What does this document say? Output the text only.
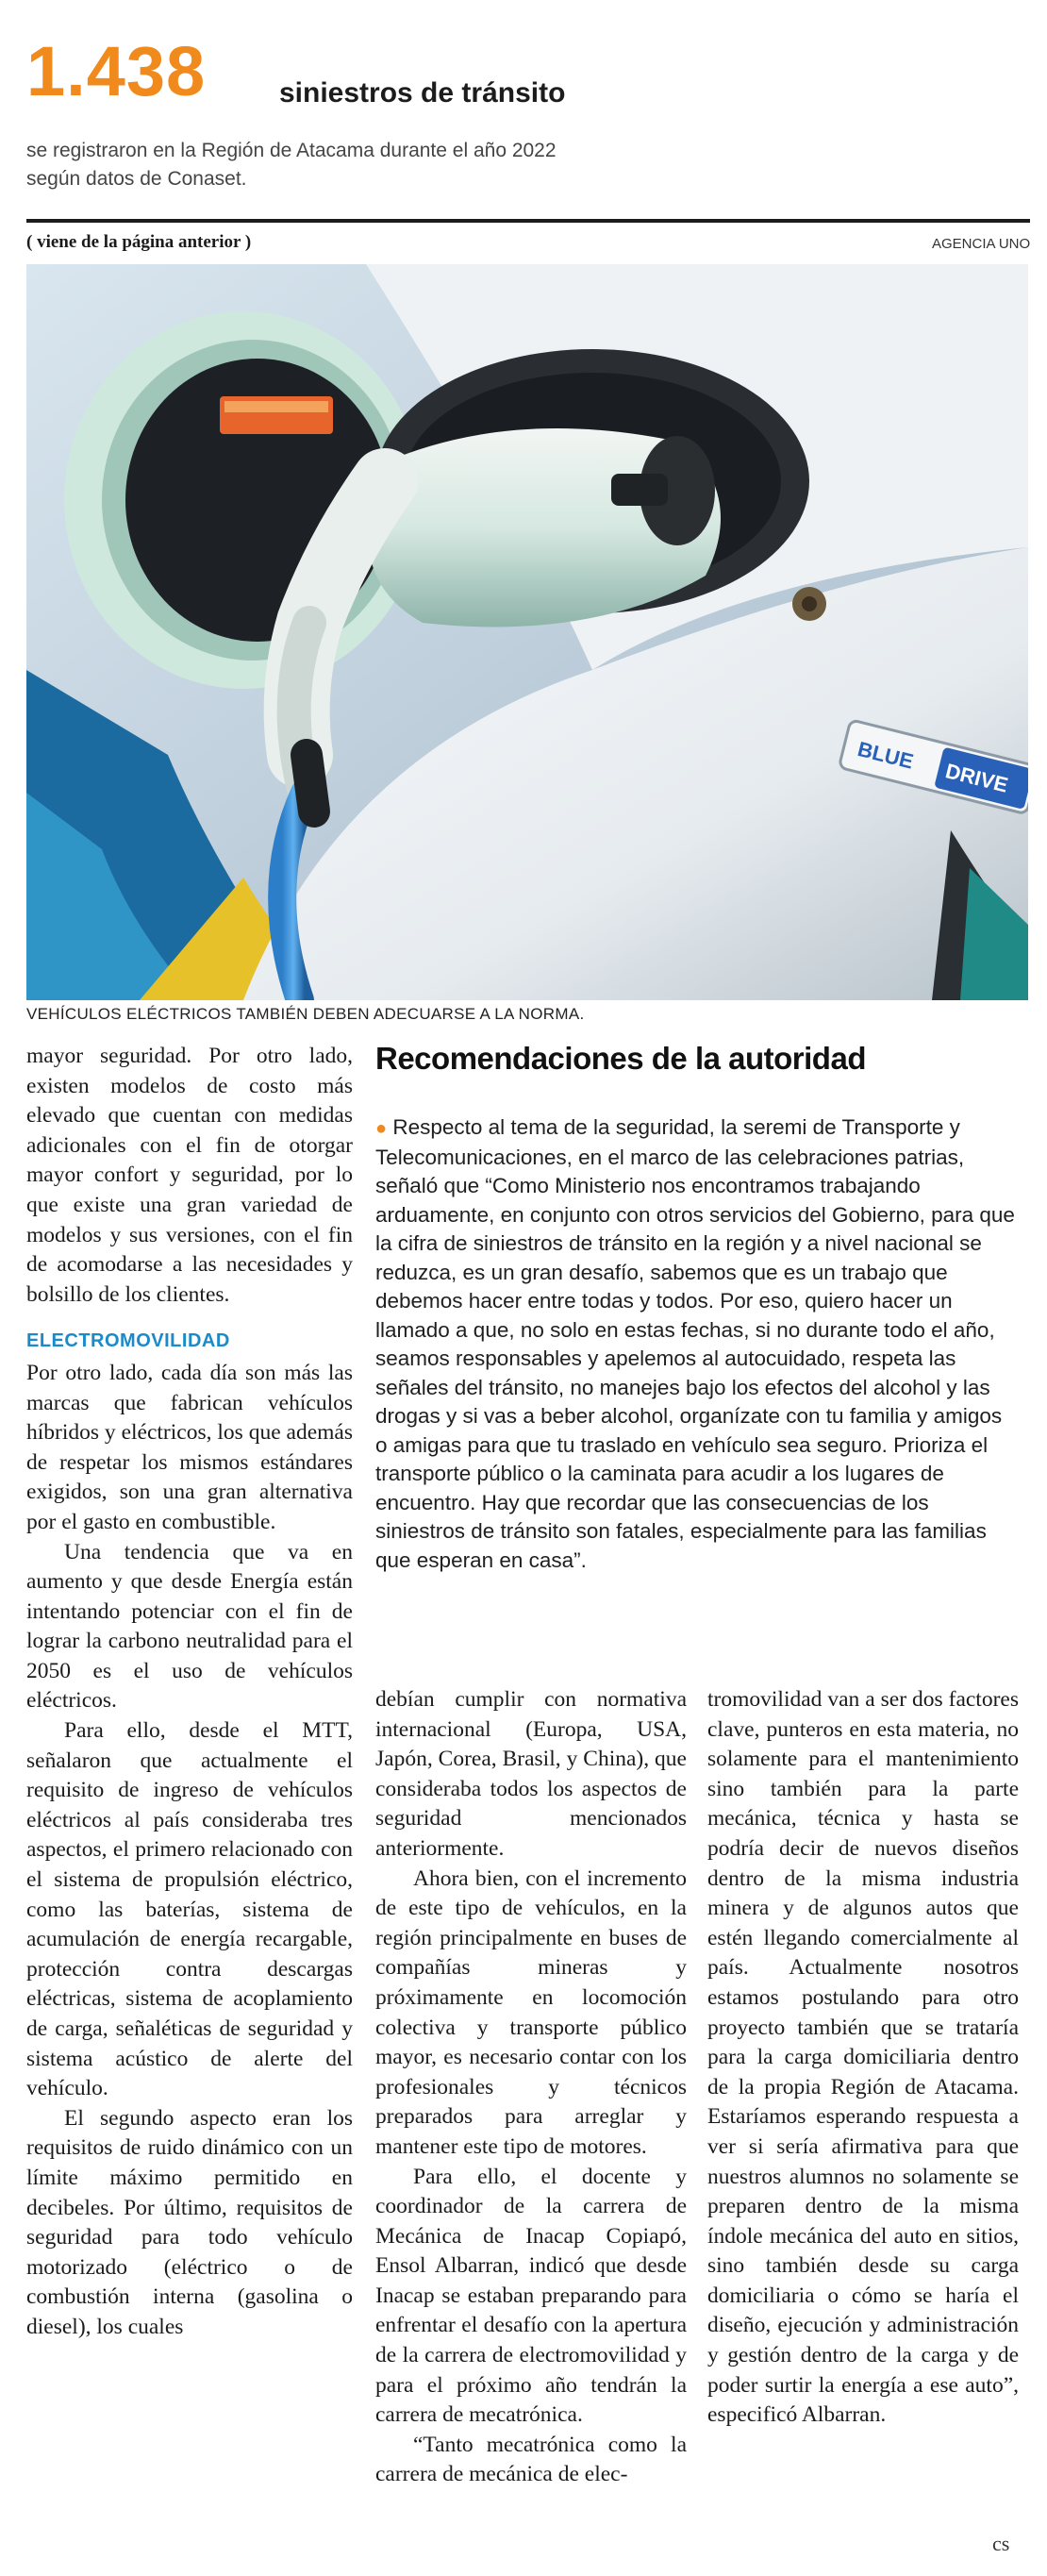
1.438	siniestros de tránsito
se registraron en la Región de Atacama durante el año 2022
según datos de Conaset.
( viene de la página anterior )	AGENCIA UNO
BLUE
DRIVE
VEHÍCULOS ELÉCTRICOS TAMBIÉN DEBEN ADECUARSE A LA NORMA.

mayor seguridad. Por otro lado, existen modelos de costo más elevado que cuentan con medidas adicionales con el fin de otorgar mayor confort y seguridad, por lo que existe una gran variedad de modelos y sus versiones, con el fin de acomodarse a las necesidades y bolsillo de los clientes.

ELECTROMOVILIDAD

Por otro lado, cada día son más las marcas que fabrican vehículos híbridos y eléctricos, los que además de respetar los mismos estándares exigidos, son una gran alternativa por el gasto en combustible.

Una tendencia que va en aumento y que desde Energía están intentando potenciar con el fin de lograr la carbono neutralidad para el 2050 es el uso de vehículos eléctricos.

Para ello, desde el MTT, señalaron que actualmente el requisito de ingreso de vehículos eléctricos al país consideraba tres aspectos, el primero relacionado con el sistema de propulsión eléctrico, como las baterías, sistema de acumulación de energía recargable, protección contra descargas eléctricas, sistema de acoplamiento de carga, señaléticas de seguridad y sistema acústico de alerte del vehículo.

El segundo aspecto eran los requisitos de ruido dinámico con un límite máximo permitido en decibeles. Por último, requisitos de seguridad para todo vehículo motorizado (eléctrico o de combustión interna (gasolina o diesel), los cuales

Recomendaciones de la autoridad
● Respecto al tema de la seguridad, la seremi de Transporte y Telecomunicaciones, en el marco de las celebraciones patrias, señaló que “Como Ministerio nos encontramos trabajando arduamente, en conjunto con otros servicios del Gobierno, para que la cifra de siniestros de tránsito en la región y a nivel nacional se reduzca, es un gran desafío, sabemos que es un trabajo que debemos hacer entre todas y todos. Por eso, quiero hacer un llamado a que, no solo en estas fechas, si no durante todo el año, seamos responsables y apelemos al autocuidado, respeta las señales del tránsito, no manejes bajo los efectos del alcohol y las drogas y si vas a beber alcohol, organízate con tu familia y amigos o amigas para que tu traslado en vehículo sea seguro. Prioriza el transporte público o la caminata para acudir a los lugares de encuentro. Hay que recordar que las consecuencias de los siniestros de tránsito son fatales, especialmente para las familias que esperan en casa”.

debían cumplir con normativa internacional (Europa, USA, Japón, Corea, Brasil, y China), que consideraba todos los aspectos de seguridad mencionados anteriormente.

Ahora bien, con el incremento de este tipo de vehículos, en la región principalmente en buses de compañías mineras y próximamente en locomoción colectiva y transporte público mayor, es necesario contar con los profesionales y técnicos preparados para arreglar y mantener este tipo de motores.

Para ello, el docente y coordinador de la carrera de Mecánica de Inacap Copiapó, Ensol Albarran, indicó que desde Inacap se estaban preparando para enfrentar el desafío con la apertura de la carrera de electromovilidad y para el próximo año tendrán la carrera de mecatrónica.

“Tanto mecatrónica como la carrera de mecánica de elec-

tromovilidad van a ser dos factores clave, punteros en esta materia, no solamente para el mantenimiento sino también para la parte mecánica, técnica y hasta se podría decir de nuevos diseños dentro de la misma industria minera y de algunos autos que estén llegando comercialmente al país. Actualmente nosotros estamos postulando para otro proyecto también que se trataría para la carga domiciliaria dentro de la propia Región de Atacama. Estaríamos esperando respuesta a ver si sería afirmativa para que nuestros alumnos no solamente se preparen dentro de la misma índole mecánica del auto en sitios, sino también desde su carga domiciliaria o cómo se haría el diseño, ejecución y administración y gestión dentro de la carga y de poder surtir la energía a ese auto”, especificó Albarran.

cs
